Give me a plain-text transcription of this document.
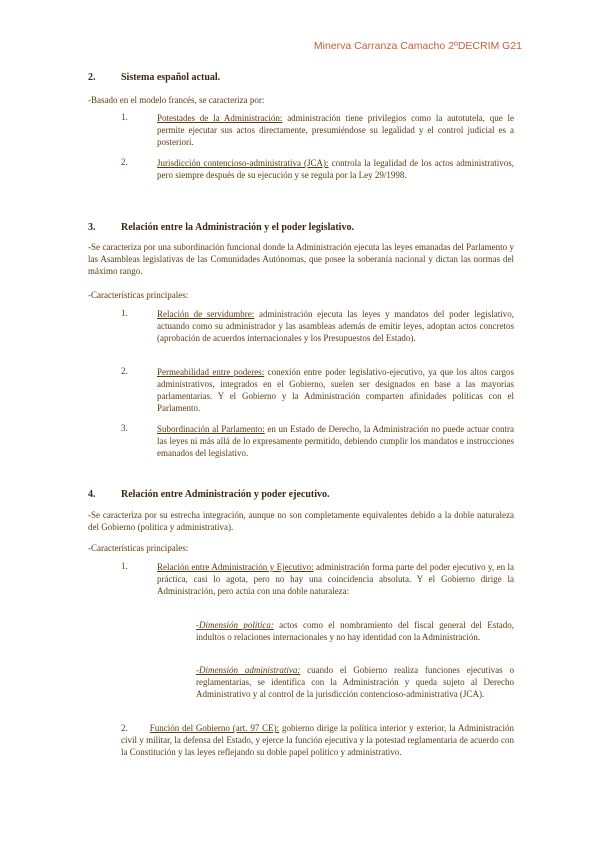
Minerva Carranza Camacho 2ºDECRIM G21
2.	Sistema español actual.
-Basado en el modelo francés, se caracteriza por:
1.	Potestades de la Administración: administración tiene privilegios como la autotutela, que le permite ejecutar sus actos directamente, presumiéndose su legalidad y el control judicial es a posteriori.
2.	Jurisdicción contencioso-administrativa (JCA): controla la legalidad de los actos administrativos, pero siempre después de su ejecución y se regula por la Ley 29/1998.
3.	Relación entre la Administración y el poder legislativo.
-Se caracteriza por una subordinación funcional donde la Administración ejecuta las leyes emanadas del Parlamento y las Asambleas legislativas de las Comunidades Autónomas, que posee la soberanía nacional y dictan las normas del máximo rango.
-Características principales:
1.	Relación de servidumbre: administración ejecuta las leyes y mandatos del poder legislativo, actuando como su administrador y las asambleas además de emitir leyes, adoptan actos concretos (aprobación de acuerdos internacionales y los Presupuestos del Estado).
2.	Permeabilidad entre poderes: conexión entre poder legislativo-ejecutivo, ya que los altos cargos administrativos, integrados en el Gobierno, suelen ser designados en base a las mayorías parlamentarias. Y el Gobierno y la Administración comparten afinidades políticas con el Parlamento.
3.	Subordinación al Parlamento: en un Estado de Derecho, la Administración no puede actuar contra las leyes ni más allá de lo expresamente permitido, debiendo cumplir los mandatos e instrucciones emanados del legislativo.
4.	Relación entre Administración y poder ejecutivo.
-Se caracteriza por su estrecha integración, aunque no son completamente equivalentes debido a la doble naturaleza del Gobierno (política y administrativa).
-Características principales:
1.	Relación entre Administración y Ejecutivo: administración forma parte del poder ejecutivo y, en la práctica, casi lo agota, pero no hay una coincidencia absoluta. Y el Gobierno dirige la Administración, pero actúa con una doble naturaleza:
-Dimensión política: actos como el nombramiento del fiscal general del Estado, indultos o relaciones internacionales y no hay identidad con la Administración.
-Dimensión administrativa: cuando el Gobierno realiza funciones ejecutivas o reglamentarias, se identifica con la Administración y queda sujeto al Derecho Administrativo y al control de la jurisdicción contencioso-administrativa (JCA).
2. Función del Gobierno (art. 97 CE): gobierno dirige la política interior y exterior, la Administración civil y militar, la defensa del Estado, y ejerce la función ejecutiva y la potestad reglamentaria de acuerdo con la Constitución y las leyes reflejando su doble papel político y administrativo.
